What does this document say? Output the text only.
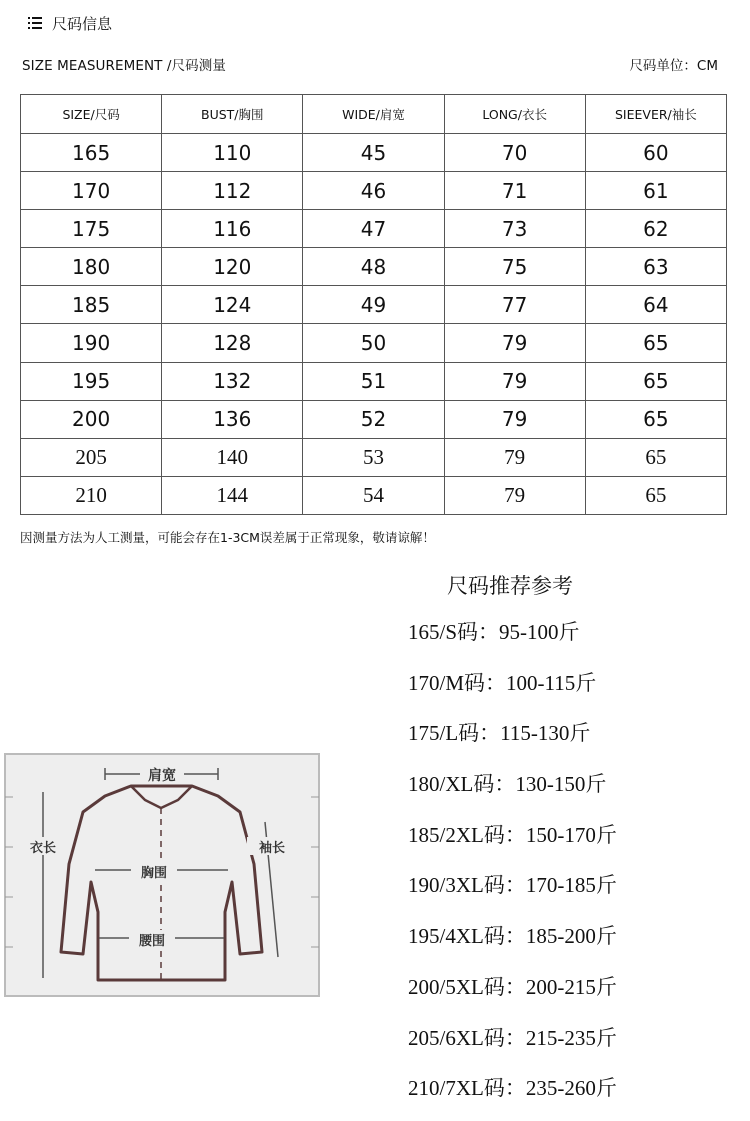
尺码信息
SIZE MEASUREMENT /尺码测量	尺码单位：CM
SIZE/尺码	BUST/胸围	WIDE/肩宽	LONG/衣长	SIEEVER/袖长
165	110	45	70	60
170	112	46	71	61
175	116	47	73	62
180	120	48	75	63
185	124	49	77	64
190	128	50	79	65
195	132	51	79	65
200	136	52	79	65
205	140	53	79	65
210	144	54	79	65
因测量方法为人工测量，可能会存在1-3CM误差属于正常现象，敬请谅解！
肩宽
衣长	袖长
胸围
腰围
尺码推荐参考
165/S码：95-100斤
170/M码：100-115斤
175/L码：115-130斤
180/XL码：130-150斤
185/2XL码：150-170斤
190/3XL码：170-185斤
195/4XL码：185-200斤
200/5XL码：200-215斤
205/6XL码：215-235斤
210/7XL码：235-260斤
